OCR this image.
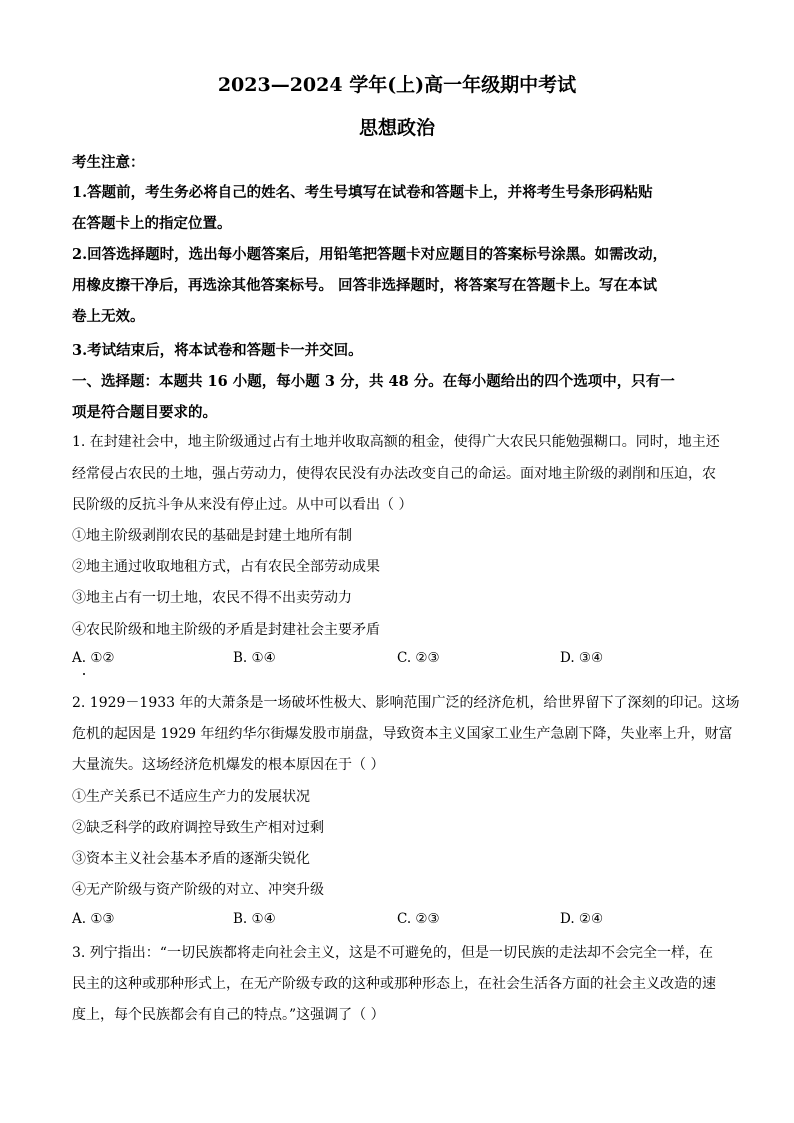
2023—2024 学年(上)高一年级期中考试
思想政治
考生注意：
1.答题前，考生务必将自己的姓名、考生号填写在试卷和答题卡上，并将考生号条形码粘贴
在答题卡上的指定位置。
2.回答选择题时，选出每小题答案后，用铅笔把答题卡对应题目的答案标号涂黑。如需改动，
用橡皮擦干净后，再选涂其他答案标号。 回答非选择题时，将答案写在答题卡上。写在本试
卷上无效。
3.考试结束后，将本试卷和答题卡一并交回。
一、选择题：本题共 16 小题，每小题 3 分，共 48 分。在每小题给出的四个选项中，只有一
项是符合题目要求的。
1. 在封建社会中，地主阶级通过占有土地并收取高额的租金，使得广大农民只能勉强糊口。同时，地主还
经常侵占农民的土地，强占劳动力，使得农民没有办法改变自己的命运。面对地主阶级的剥削和压迫，农
民阶级的反抗斗争从来没有停止过。从中可以看出（ ）
①地主阶级剥削农民的基础是封建土地所有制
②地主通过收取地租方式，占有农民全部劳动成果
③地主占有一切土地，农民不得不出卖劳动力
④农民阶级和地主阶级的矛盾是封建社会主要矛盾
A. ①②	B. ①④	C. ②③	D. ③④
2. 1929－1933 年的大萧条是一场破坏性极大、影响范围广泛的经济危机，给世界留下了深刻的印记。这场
危机的起因是 1929 年纽约华尔街爆发股市崩盘，导致资本主义国家工业生产急剧下降，失业率上升，财富
大量流失。这场经济危机爆发的根本原因在于（ ）
①生产关系已不适应生产力的发展状况
②缺乏科学的政府调控导致生产相对过剩
③资本主义社会基本矛盾的逐渐尖锐化
④无产阶级与资产阶级的对立、冲突升级
A. ①③	B. ①④	C. ②③	D. ②④
3. 列宁指出：“一切民族都将走向社会主义，这是不可避免的，但是一切民族的走法却不会完全一样，在
民主的这种或那种形式上，在无产阶级专政的这种或那种形态上，在社会生活各方面的社会主义改造的速
度上，每个民族都会有自己的特点。”这强调了（ ）
